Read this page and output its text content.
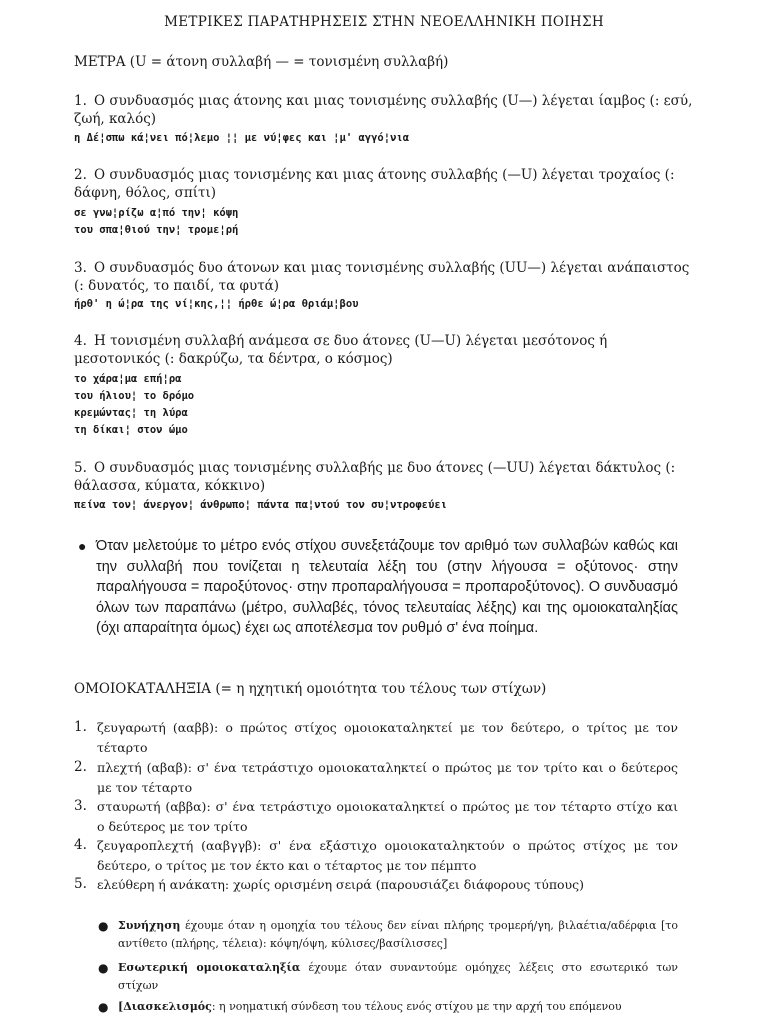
ΜΕΤΡΙΚΕΣ ΠΑΡΑΤΗΡΗΣΕΙΣ ΣΤΗΝ ΝΕΟΕΛΛΗΝΙΚΗ ΠΟΙΗΣΗ
ΜΕΤΡΑ (U = άτονη συλλαβή — = τονισμένη συλλαβή)
1. Ο συνδυασμός μιας άτονης και μιας τονισμένης συλλαβής (U—) λέγεται ίαμβος (: εσύ, ζωή, καλός)
η Δέ¦σπω κά¦νει πό¦λεμο ¦¦ με νύ¦φες και ¦μ' αγγό¦νια
2. Ο συνδυασμός μιας τονισμένης και μιας άτονης συλλαβής (—U) λέγεται τροχαίος (: δάφνη, θόλος, σπίτι)
σε γνω¦ρίζω α¦πό την¦ κόψη
του σπα¦θιού την¦ τρομε¦ρή
3. Ο συνδυασμός δυο άτονων και μιας τονισμένης συλλαβής (UU—) λέγεται ανάπαιστος (: δυνατός, το παιδί, τα φυτά)
ήρθ' η ώ¦ρα της νί¦κης,¦¦ ήρθε ώ¦ρα θριάμ¦βου
4. Η τονισμένη συλλαβή ανάμεσα σε δυο άτονες (U—U) λέγεται μεσότονος ή μεσοτονικός (: δακρύζω, τα δέντρα, ο κόσμος)
το χάρα¦μα επή¦ρα
του ήλιου¦ το δρόμο
κρεμώντας¦ τη λύρα
τη δίκαι¦ στον ώμο
5. Ο συνδυασμός μιας τονισμένης συλλαβής με δυο άτονες (—UU) λέγεται δάκτυλος (: θάλασσα, κύματα, κόκκινο)
πείνα τον¦ άνεργον¦ άνθρωπο¦ πάντα πα¦ντού τον συ¦ντροφεύει
● Όταν μελετούμε το μέτρο ενός στίχου συνεξετάζουμε τον αριθμό των συλλαβών καθώς και την συλλαβή που τονίζεται η τελευταία λέξη του (στην λήγουσα = οξύτονος· στην παραλήγουσα = παροξύτονος· στην προπαραλήγουσα = προπαροξύτονος). Ο συνδυασμό όλων των παραπάνω (μέτρο, συλλαβές, τόνος τελευταίας λέξης) και της ομοιοκαταληξίας (όχι απαραίτητα όμως) έχει ως αποτέλεσμα τον ρυθμό σ' ένα ποίημα.
ΟΜΟΙΟΚΑΤΑΛΗΞΙΑ (= η ηχητική ομοιότητα του τέλους των στίχων)
1. ζευγαρωτή (ααββ): ο πρώτος στίχος ομοιοκαταληκτεί με τον δεύτερο, ο τρίτος με τον τέταρτο
2. πλεχτή (αβαβ): σ' ένα τετράστιχο ομοιοκαταληκτεί ο πρώτος με τον τρίτο και ο δεύτερος με τον τέταρτο
3. σταυρωτή (αββα): σ' ένα τετράστιχο ομοιοκαταληκτεί ο πρώτος με τον τέταρτο στίχο και ο δεύτερος με τον τρίτο
4. ζευγαροπλεχτή (ααβγγβ): σ' ένα εξάστιχο ομοιοκαταληκτούν ο πρώτος στίχος με τον δεύτερο, ο τρίτος με τον έκτο και ο τέταρτος με τον πέμπτο
5. ελεύθερη ή ανάκατη: χωρίς ορισμένη σειρά (παρουσιάζει διάφορους τύπους)
● Συνήχηση έχουμε όταν η ομοηχία του τέλους δεν είναι πλήρης τρομερή/γη, βιλαέτια/αδέρφια [το αντίθετο (πλήρης, τέλεια): κόψη/όψη, κύλισες/βασίλισσες]
● Εσωτερική ομοιοκαταληξία έχουμε όταν συναντούμε ομόηχες λέξεις στο εσωτερικό των στίχων
● [Διασκελισμός: η νοηματική σύνδεση του τέλους ενός στίχου με την αρχή του επόμενου
